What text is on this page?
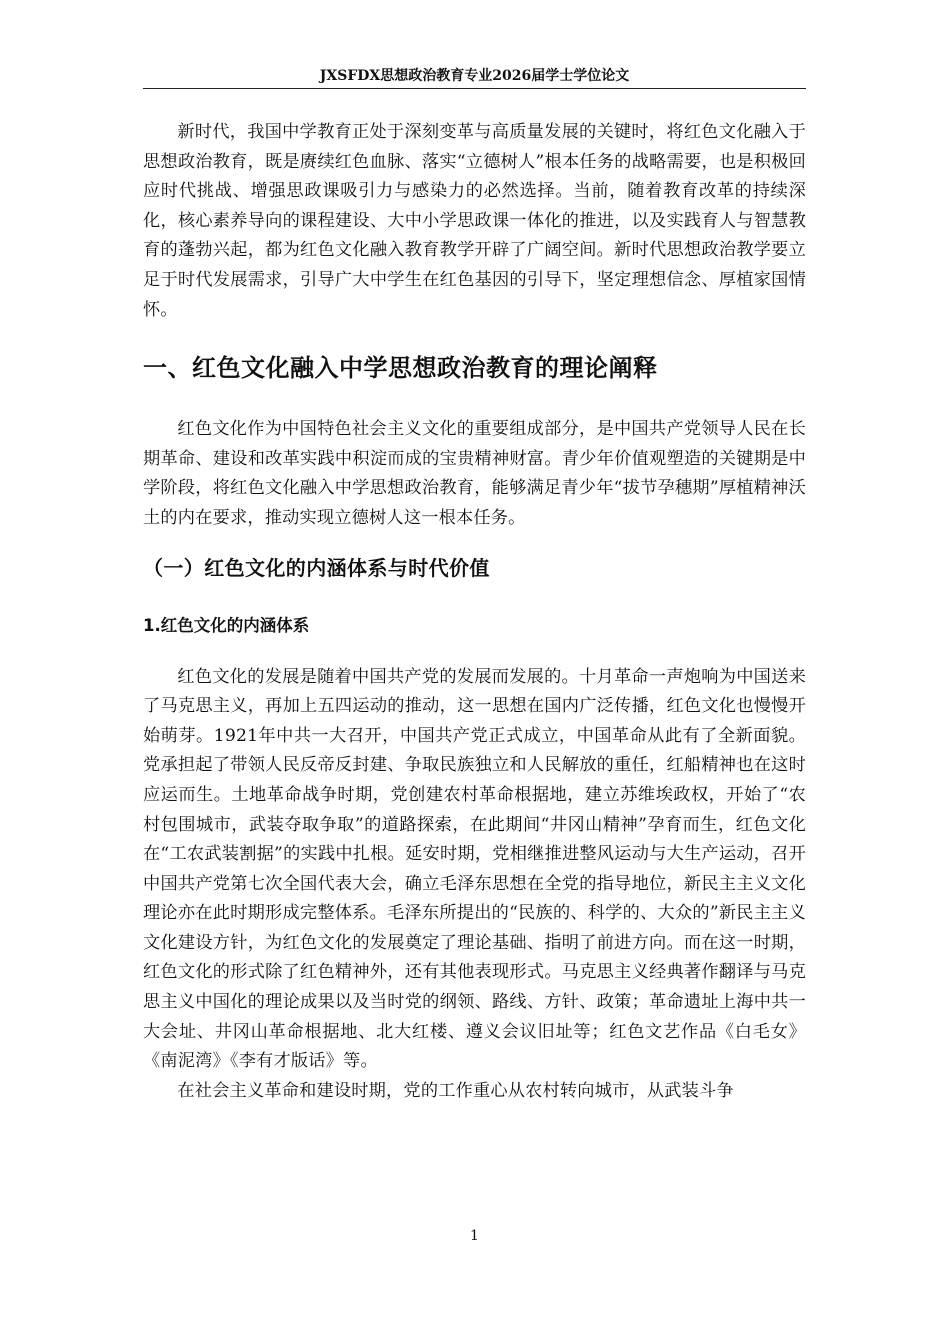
JXSFDX思想政治教育专业2026届学士学位论文

新时代，我国中学教育正处于深刻变革与高质量发展的关键时，将红色文化融入于思想政治教育，既是赓续红色血脉、落实“立德树人”根本任务的战略需要，也是积极回应时代挑战、增强思政课吸引力与感染力的必然选择。当前，随着教育改革的持续深化，核心素养导向的课程建设、大中小学思政课一体化的推进，以及实践育人与智慧教育的蓬勃兴起，都为红色文化融入教育教学开辟了广阔空间。新时代思想政治教学要立足于时代发展需求，引导广大中学生在红色基因的引导下，坚定理想信念、厚植家国情怀。

一、红色文化融入中学思想政治教育的理论阐释

红色文化作为中国特色社会主义文化的重要组成部分，是中国共产党领导人民在长期革命、建设和改革实践中积淀而成的宝贵精神财富。青少年价值观塑造的关键期是中学阶段，将红色文化融入中学思想政治教育，能够满足青少年“拔节孕穗期”厚植精神沃土的内在要求，推动实现立德树人这一根本任务。

（一）红色文化的内涵体系与时代价值
1.红色文化的内涵体系

红色文化的发展是随着中国共产党的发展而发展的。十月革命一声炮响为中国送来了马克思主义，再加上五四运动的推动，这一思想在国内广泛传播，红色文化也慢慢开始萌芽。1921年中共一大召开，中国共产党正式成立，中国革命从此有了全新面貌。党承担起了带领人民反帝反封建、争取民族独立和人民解放的重任，红船精神也在这时应运而生。土地革命战争时期，党创建农村革命根据地，建立苏维埃政权，开始了“农村包围城市，武装夺取争取”的道路探索，在此期间“井冈山精神”孕育而生，红色文化在“工农武装割据”的实践中扎根。延安时期，党相继推进整风运动与大生产运动，召开中国共产党第七次全国代表大会，确立毛泽东思想在全党的指导地位，新民主主义文化理论亦在此时期形成完整体系。毛泽东所提出的“民族的、科学的、大众的”新民主主义文化建设方针，为红色文化的发展奠定了理论基础、指明了前进方向。而在这一时期，红色文化的形式除了红色精神外，还有其他表现形式。马克思主义经典著作翻译与马克思主义中国化的理论成果以及当时党的纲领、路线、方针、政策；革命遗址上海中共一大会址、井冈山革命根据地、北大红楼、遵义会议旧址等；红色文艺作品《白毛女》《南泥湾》《李有才版话》等。

在社会主义革命和建设时期，党的工作重心从农村转向城市，从武装斗争

1
